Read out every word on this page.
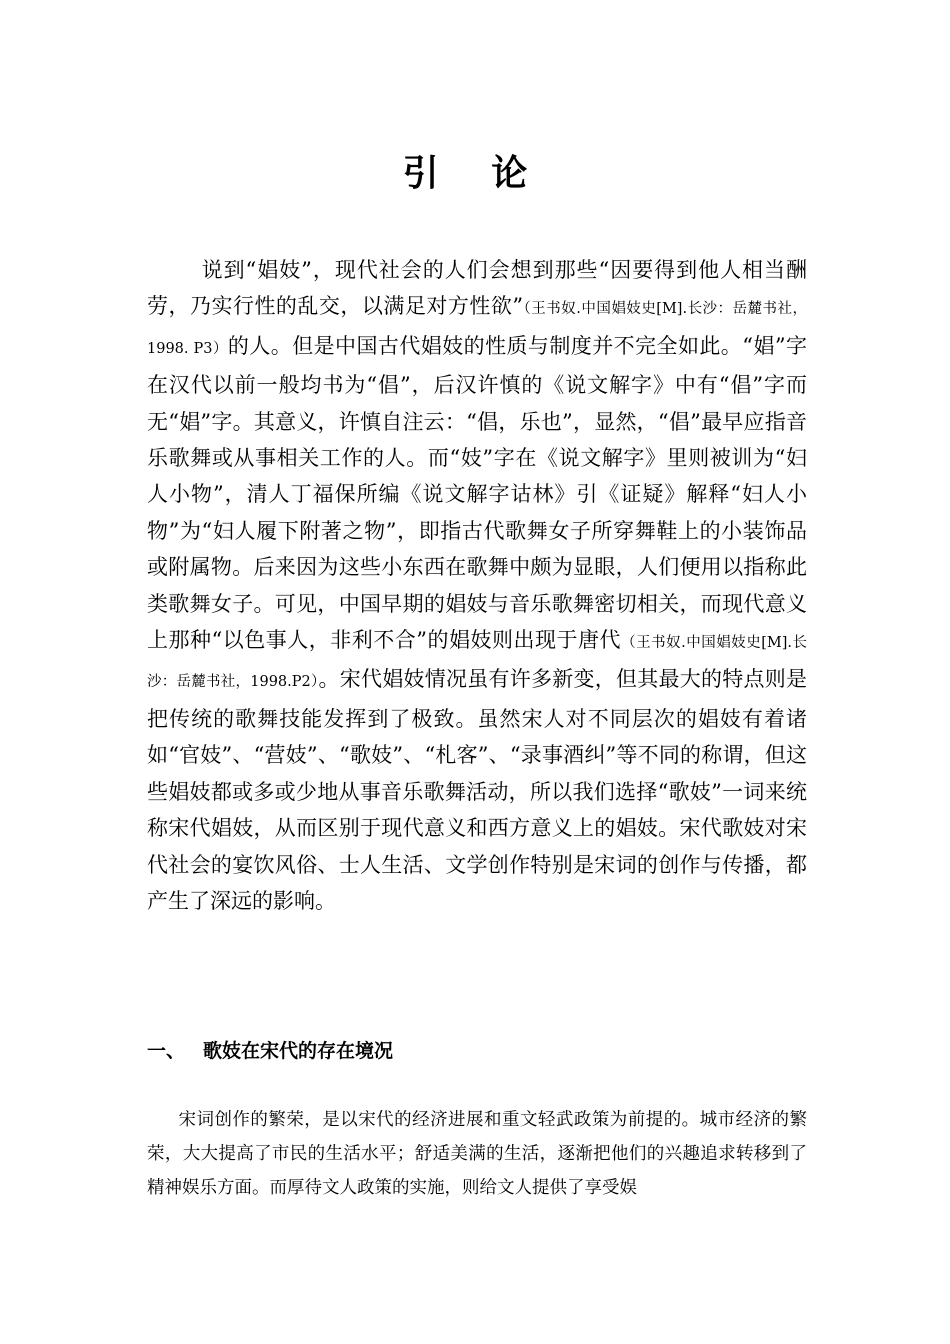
引 论

说到“娼妓”，现代社会的人们会想到那些“因要得到他人相当酬劳，乃实行性的乱交，以满足对方性欲”（王书奴.中国娼妓史[M].长沙：岳麓书社，1998. P3）的人。但是中国古代娼妓的性质与制度并不完全如此。“娼”字在汉代以前一般均书为“倡”，后汉许慎的《说文解字》中有“倡”字而无“娼”字。其意义，许慎自注云：“倡，乐也”，显然，“倡”最早应指音乐歌舞或从事相关工作的人。而“妓”字在《说文解字》里则被训为“妇人小物”，清人丁福保所编《说文解字诂林》引《证疑》解释“妇人小物”为“妇人履下附著之物”，即指古代歌舞女子所穿舞鞋上的小装饰品或附属物。后来因为这些小东西在歌舞中颇为显眼，人们便用以指称此类歌舞女子。可见，中国早期的娼妓与音乐歌舞密切相关，而现代意义上那种“以色事人，非利不合”的娼妓则出现于唐代（王书奴.中国娼妓史[M].长沙：岳麓书社，1998.P2）。宋代娼妓情况虽有许多新变，但其最大的特点则是把传统的歌舞技能发挥到了极致。虽然宋人对不同层次的娼妓有着诸如“官妓”、“营妓”、“歌妓”、“札客”、“录事酒纠”等不同的称谓，但这些娼妓都或多或少地从事音乐歌舞活动，所以我们选择“歌妓”一词来统称宋代娼妓，从而区别于现代意义和西方意义上的娼妓。宋代歌妓对宋代社会的宴饮风俗、士人生活、文学创作特别是宋词的创作与传播，都产生了深远的影响。

一、 歌妓在宋代的存在境况

宋词创作的繁荣，是以宋代的经济进展和重文轻武政策为前提的。城市经济的繁荣，大大提高了市民的生活水平；舒适美满的生活，逐渐把他们的兴趣追求转移到了精神娱乐方面。而厚待文人政策的实施，则给文人提供了享受娱
